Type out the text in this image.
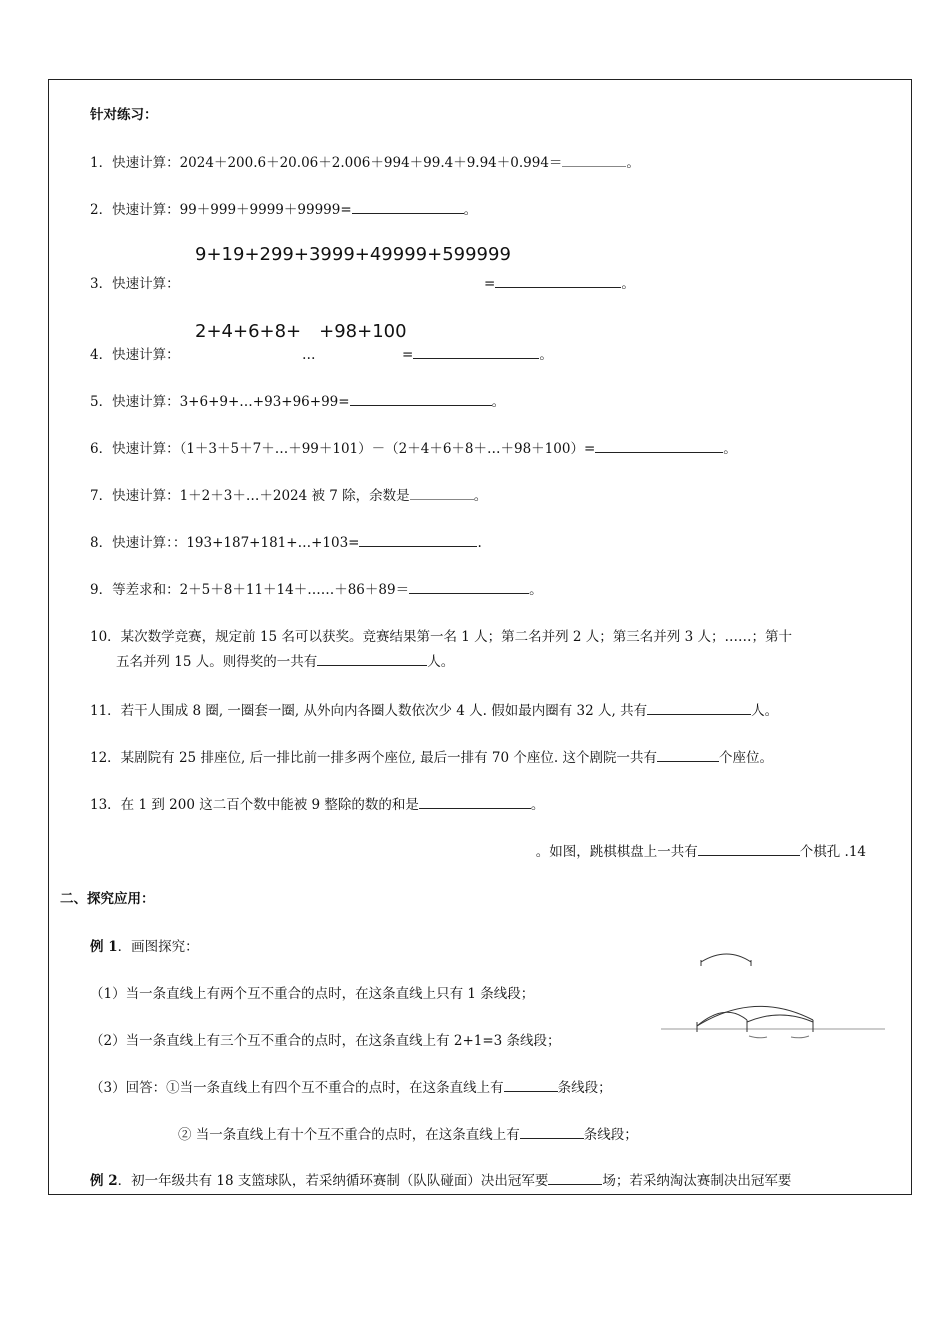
针对练习：
1．快速计算：2024＋200.6＋20.06＋2.006＋994＋99.4＋9.94＋0.994＝	。
2．快速计算：99＋999＋9999＋99999=	。
9+19+299+3999+49999+599999
3．快速计算：	=	。
2+4+6+8+　+98+100
4．快速计算：	…	=	。
5．快速计算：3+6+9+…+93+96+99=	。
6．快速计算：（1＋3＋5＋7＋…＋99＋101）－（2＋4＋6＋8＋…＋98＋100）=	。
7．快速计算：1＋2＋3＋…＋2024 被 7 除，余数是	。
8．快速计算：：193+187+181+…+103=	.
9．等差求和：2＋5＋8＋11＋14＋……＋86＋89＝	。
10．某次数学竞赛，规定前 15 名可以获奖。竞赛结果第一名 1 人；第二名并列 2 人；第三名并列 3 人；……；第十
五名并列 15 人。则得奖的一共有	人。
11．若干人围成 8 圈, 一圈套一圈, 从外向内各圈人数依次少 4 人. 假如最内圈有 32 人, 共有	人。
12．某剧院有 25 排座位, 后一排比前一排多两个座位, 最后一排有 70 个座位. 这个剧院一共有	个座位。
13．在 1 到 200 这二百个数中能被 9 整除的数的和是	。
。如图，跳棋棋盘上一共有	个棋孔 .14
二、探究应用：
例 1．画图探究：
（1）当一条直线上有两个互不重合的点时，在这条直线上只有 1 条线段；
（2）当一条直线上有三个互不重合的点时，在这条直线上有 2+1=3 条线段；
（3）回答：①当一条直线上有四个互不重合的点时，在这条直线上有	条线段；
② 当一条直线上有十个互不重合的点时，在这条直线上有	条线段；
例 2．初一年级共有 18 支篮球队，若采纳循环赛制（队队碰面）决出冠军要	场；若采纳淘汰赛制决出冠军要
